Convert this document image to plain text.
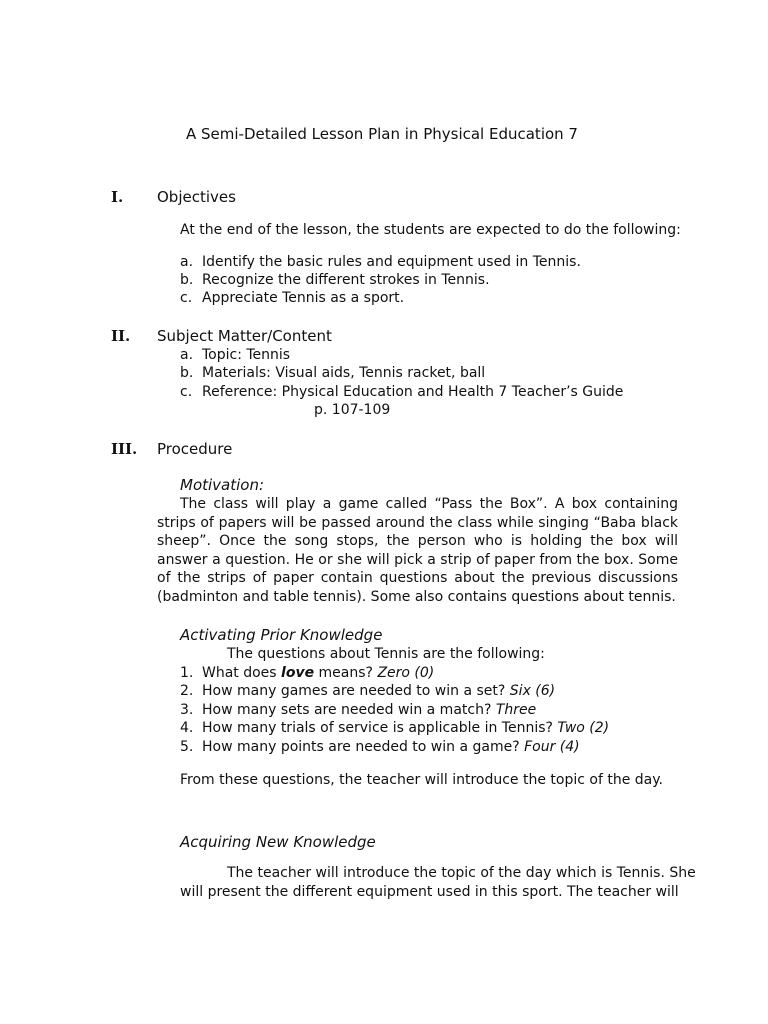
A Semi-Detailed Lesson Plan in Physical Education 7
I. Objectives
At the end of the lesson, the students are expected to do the following:
a. Identify the basic rules and equipment used in Tennis.
b. Recognize the different strokes in Tennis.
c. Appreciate Tennis as a sport.
II. Subject Matter/Content
a. Topic: Tennis
b. Materials: Visual aids, Tennis racket, ball
c. Reference: Physical Education and Health 7 Teacher’s Guide
p. 107-109
III. Procedure
Motivation:
The class will play a game called “Pass the Box”. A box containing strips of papers will be passed around the class while singing “Baba black sheep”. Once the song stops, the person who is holding the box will answer a question. He or she will pick a strip of paper from the box. Some of the strips of paper contain questions about the previous discussions (badminton and table tennis). Some also contains questions about tennis.
Activating Prior Knowledge
The questions about Tennis are the following:
1. What does love means? Zero (0)
2. How many games are needed to win a set? Six (6)
3. How many sets are needed win a match? Three
4. How many trials of service is applicable in Tennis? Two (2)
5. How many points are needed to win a game? Four (4)
From these questions, the teacher will introduce the topic of the day.
Acquiring New Knowledge
The teacher will introduce the topic of the day which is Tennis. She
will present the different equipment used in this sport. The teacher will
